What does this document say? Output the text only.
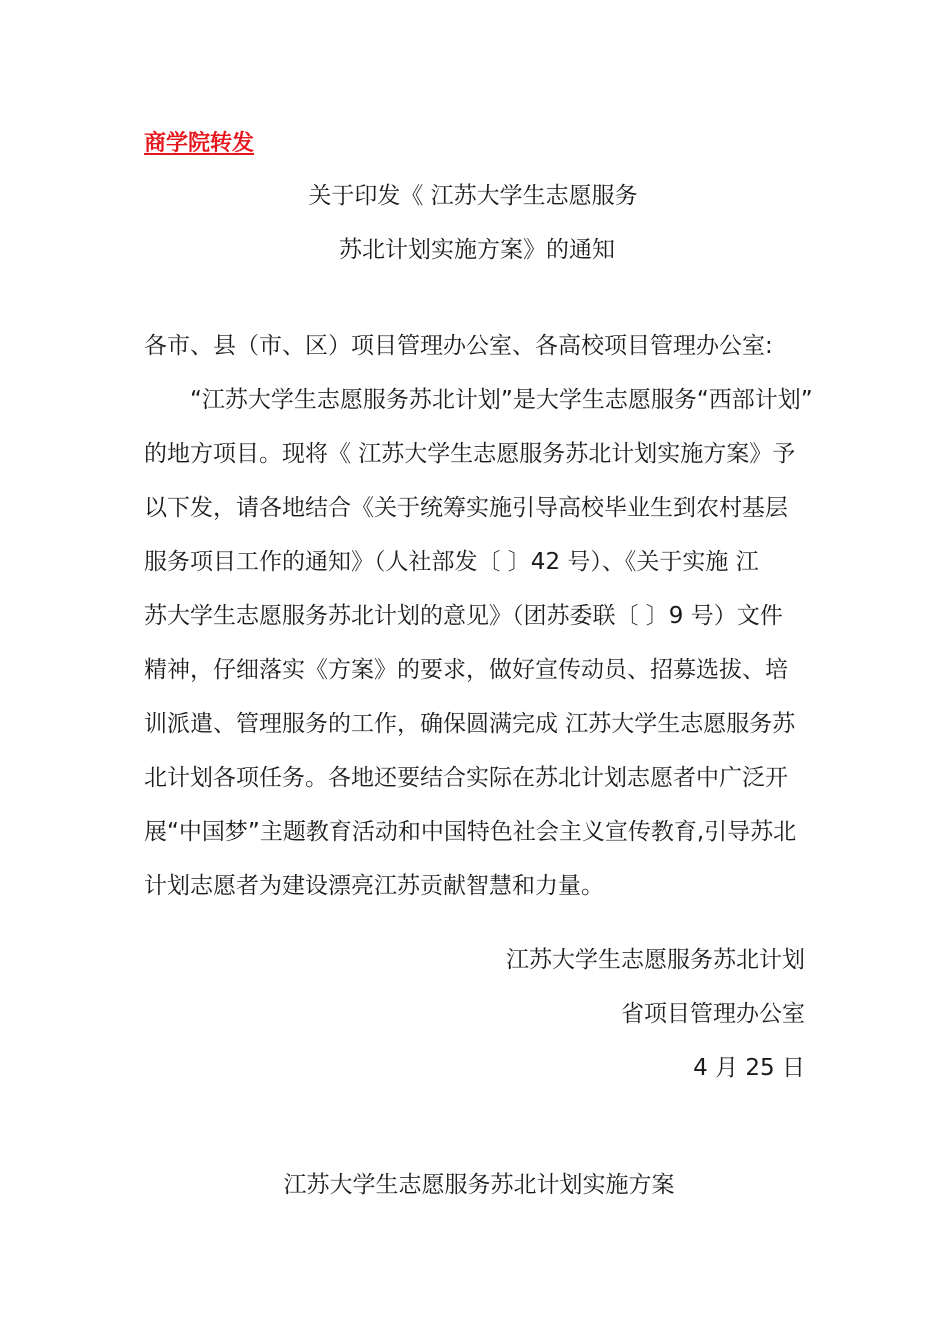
商学院转发
关于印发《 江苏大学生志愿服务
苏北计划实施方案》的通知
各市、县（市、区）项目管理办公室、各高校项目管理办公室:
“江苏大学生志愿服务苏北计划”是大学生志愿服务“西部计划”
的地方项目。现将《 江苏大学生志愿服务苏北计划实施方案》予
以下发，请各地结合《关于统筹实施引导高校毕业生到农村基层
服务项目工作的通知》（人社部发〔 〕42 号）、《关于实施 江
苏大学生志愿服务苏北计划的意见》（团苏委联〔 〕9 号）文件
精神，仔细落实《方案》的要求，做好宣传动员、招募选拔、培
训派遣、管理服务的工作，确保圆满完成 江苏大学生志愿服务苏
北计划各项任务。各地还要结合实际在苏北计划志愿者中广泛开
展“中国梦”主题教育活动和中国特色社会主义宣传教育,引导苏北
计划志愿者为建设漂亮江苏贡献智慧和力量。
江苏大学生志愿服务苏北计划
省项目管理办公室
4 月 25 日
江苏大学生志愿服务苏北计划实施方案
